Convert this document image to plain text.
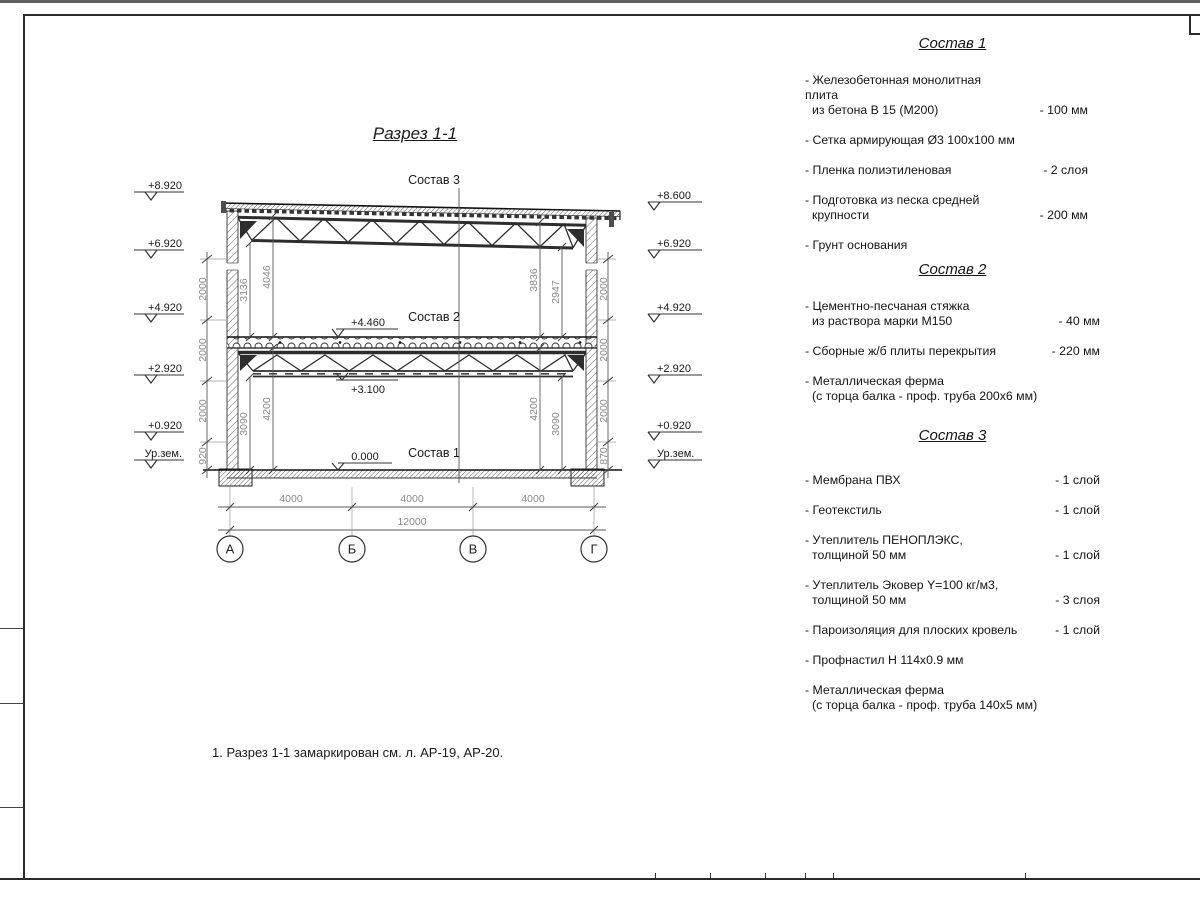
Разрез 1-1
1. Разрез 1-1 замаркирован см. л. АР-19, АР-20.
Состав 3
Состав 2
Состав 1
+4.460
+3.100
0.000
+8.920
+6.920
+4.920
+2.920
+0.920
Ур.зем.
+8.600
+6.920
+4.920
+2.920
+0.920
Ур.зем.
2000
2000
2000
920
2000
2000
2000
870
3136
4046	3836
2947
3090
4200	4200
3090
4000	4000	4000
12000
А	Б	В	Г
Состав 1
- Железобетонная монолитная плита
из бетона В 15 (М200)	- 100 мм
- Сетка армирующая Ø3 100х100 мм
- Пленка полиэтиленовая	- 2 слоя
- Подготовка из песка средней
крупности	- 200 мм
- Грунт основания
Состав 2
- Цементно-песчаная стяжка
из раствора марки М150	- 40 мм
- Сборные ж/б плиты перекрытия	- 220 мм
- Металлическая ферма
(с торца балка - проф. труба 200х6 мм)
Состав 3
- Мембрана ПВХ	- 1 слой
- Геотекстиль	- 1 слой
- Утеплитель ПЕНОПЛЭКС,
толщиной 50 мм	- 1 слой
- Утеплитель Эковер Y=100 кг/м3,
толщиной 50 мм	- 3 слоя
- Пароизоляция для плоских кровель	- 1 слой
- Профнастил Н 114х0.9 мм
- Металлическая ферма
(с торца балка - проф. труба 140х5 мм)
